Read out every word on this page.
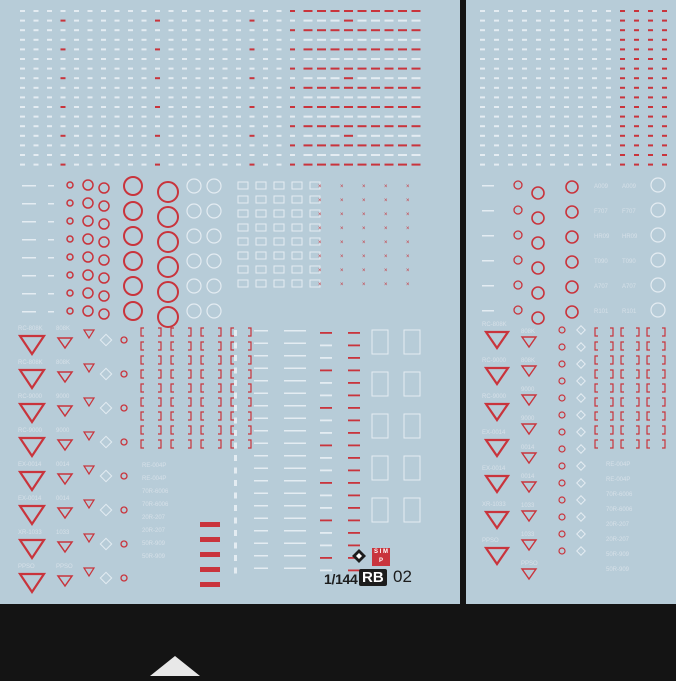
×	×	×	×	×
×	×	×	×	×
×	×	×	×	×
×	×	×	×	×
×	×	×	×	×
×	×	×	×	×
×	×	×	×	×
×	×	×	×	×
RC-808K 808K
RC-808K 808K
RC-9000 9000
RC-9000 9000
EX-0014 0014
EX-0014 0014
XR-1033 1033
PPSO	PPSO
RE-004P
RE-004P
70R-6006
70R-6006
20R-207
20R-207
50R-909
50R-909
S I M P
1/144 RB 02
A009 A009
F707 F707
HR09 HR09
T090 T090
A707 A707
R101 R101
RC-808K
RC-9000
RC-9000
EX-0014
EX-0014
XR-1033
PPSO
808K
808K
9000
9000
0014
0014
1033
1033
PPSO
RE-004P
RE-004P
70R-6006
70R-6006
20R-207
20R-207
50R-909
50R-909
